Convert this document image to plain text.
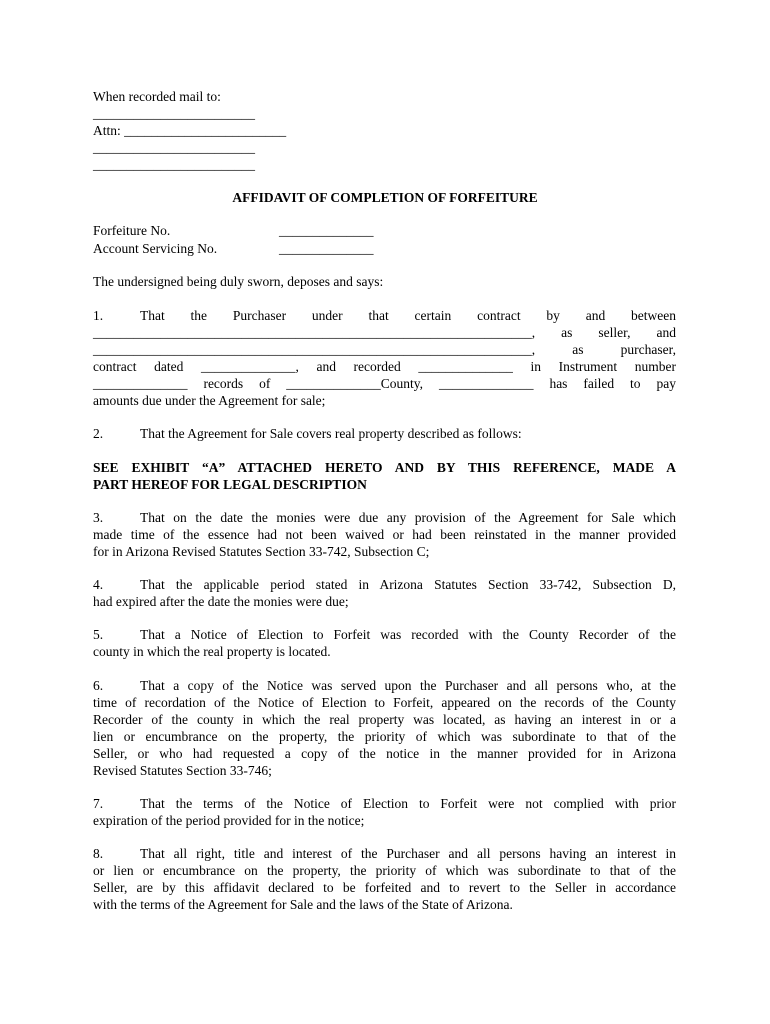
When recorded mail to:
________________________
Attn: ________________________
________________________
________________________
AFFIDAVIT OF COMPLETION OF FORFEITURE
Forfeiture No.	______________
Account Servicing No.	______________
The undersigned being duly sworn, deposes and says:
1.	That the Purchaser under that certain contract by and between
_________________________________________________________________, as seller, and
_________________________________________________________________, as purchaser,
contract dated ______________, and recorded ______________ in Instrument number
______________ records of ______________County, ______________ has failed to pay
amounts due under the Agreement for sale;
2.	That the Agreement for Sale covers real property described as follows:
SEE EXHIBIT “A” ATTACHED HERETO AND BY THIS REFERENCE, MADE A
PART HEREOF FOR LEGAL DESCRIPTION
3.	That on the date the monies were due any provision of the Agreement for Sale which
made time of the essence had not been waived or had been reinstated in the manner provided
for in Arizona Revised Statutes Section 33-742, Subsection C;
4.	That the applicable period stated in Arizona Statutes Section 33-742, Subsection D,
had expired after the date the monies were due;
5.	That a Notice of Election to Forfeit was recorded with the County Recorder of the
county in which the real property is located.
6.	That a copy of the Notice was served upon the Purchaser and all persons who, at the
time of recordation of the Notice of Election to Forfeit, appeared on the records of the County
Recorder of the county in which the real property was located, as having an interest in or a
lien or encumbrance on the property, the priority of which was subordinate to that of the
Seller, or who had requested a copy of the notice in the manner provided for in Arizona
Revised Statutes Section 33-746;
7.	That the terms of the Notice of Election to Forfeit were not complied with prior
expiration of the period provided for in the notice;
8.	That all right, title and interest of the Purchaser and all persons having an interest in
or lien or encumbrance on the property, the priority of which was subordinate to that of the
Seller, are by this affidavit declared to be forfeited and to revert to the Seller in accordance
with the terms of the Agreement for Sale and the laws of the State of Arizona.
